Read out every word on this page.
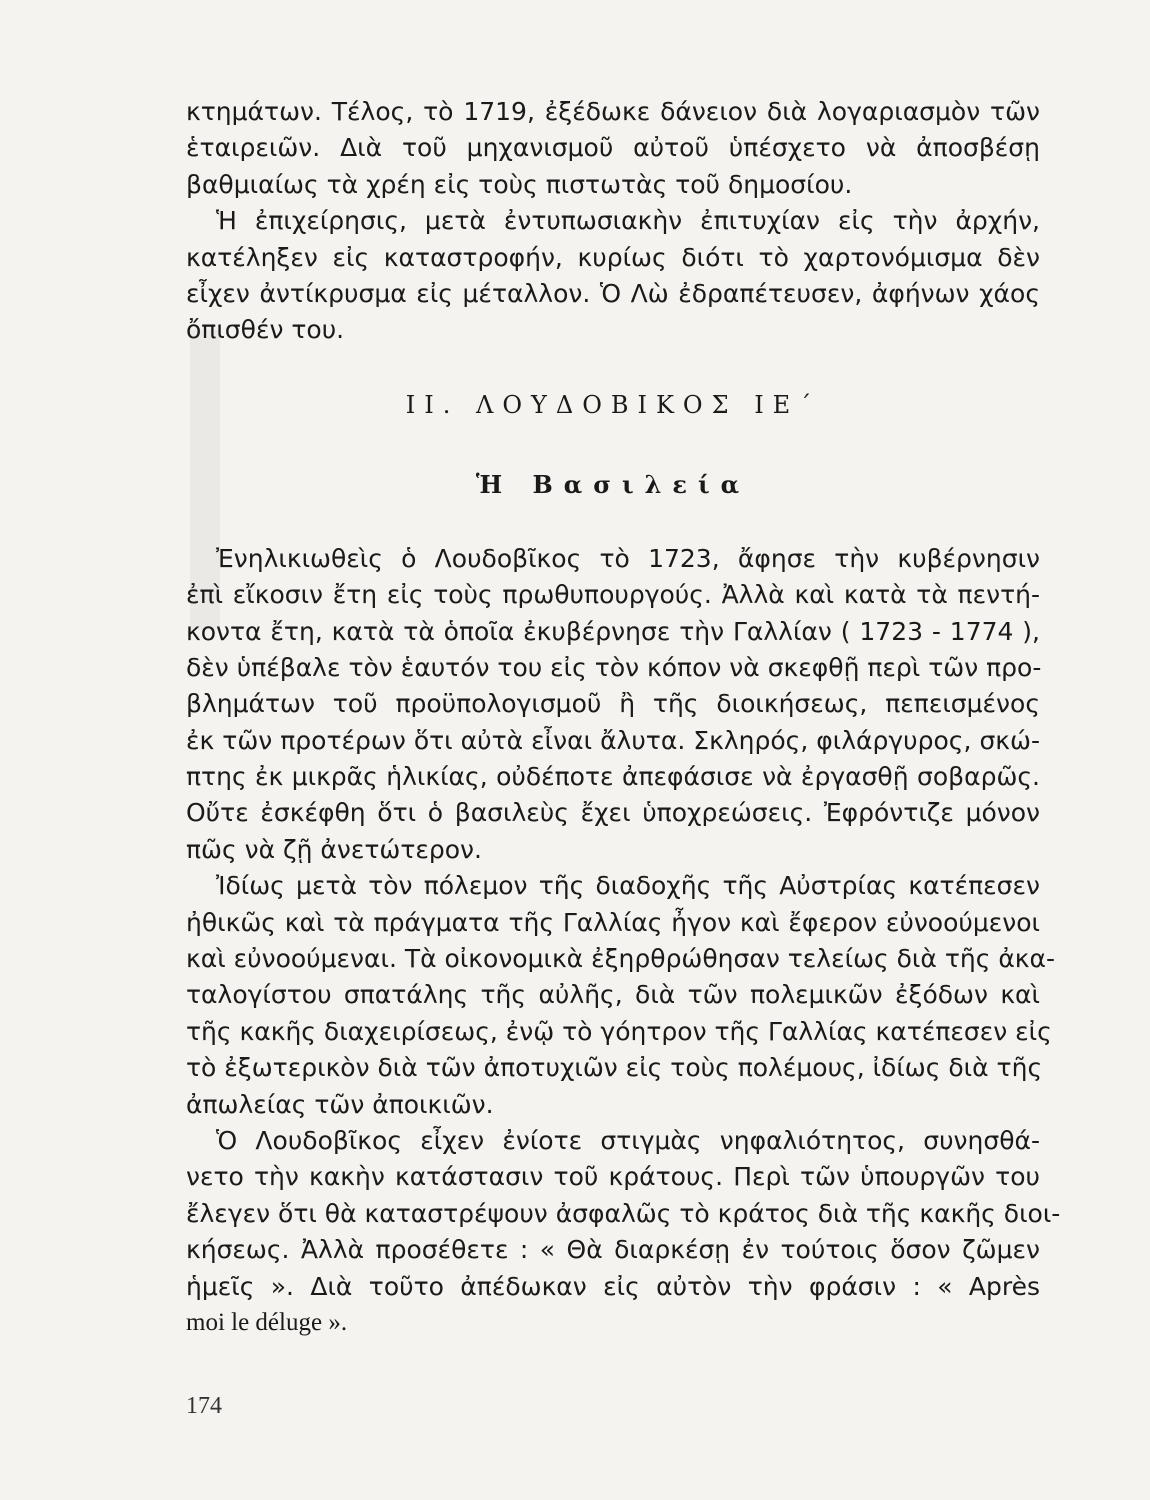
κτημάτων. Τέλος, τὸ 1719, ἐξέδωκε δάνειον διὰ λογαριασμὸν τῶν
ἑταιρειῶν. Διὰ τοῦ μηχανισμοῦ αὐτοῦ ὑπέσχετο νὰ ἀποσβέσῃ
βαθμιαίως τὰ χρέη εἰς τοὺς πιστωτὰς τοῦ δημοσίου.
Ἡ ἐπιχείρησις, μετὰ ἐντυπωσιακὴν ἐπιτυχίαν εἰς τὴν ἀρχήν,
κατέληξεν εἰς καταστροφήν, κυρίως διότι τὸ χαρτονόμισμα δὲν
εἶχεν ἀντίκρυσμα εἰς μέταλλον. Ὁ Λὼ ἐδραπέτευσεν, ἀφήνων χάος
ὄπισθέν του.
ΙΙ. ΛΟΥΔΟΒΙΚΟΣ ΙΕ΄
Ἡ Βασιλεία
Ἐνηλικιωθεὶς ὁ Λουδοβῖκος τὸ 1723, ἄφησε τὴν κυβέρνησιν
ἐπὶ εἴκοσιν ἔτη εἰς τοὺς πρωθυπουργούς. Ἀλλὰ καὶ κατὰ τὰ πεντή-
κοντα ἔτη, κατὰ τὰ ὁποῖα ἐκυβέρνησε τὴν Γαλλίαν ( 1723 - 1774 ),
δὲν ὑπέβαλε τὸν ἑαυτόν του εἰς τὸν κόπον νὰ σκεφθῇ περὶ τῶν προ-
βλημάτων τοῦ προϋπολογισμοῦ ἢ τῆς διοικήσεως, πεπεισμένος
ἐκ τῶν προτέρων ὅτι αὐτὰ εἶναι ἄλυτα. Σκληρός, φιλάργυρος, σκώ-
πτης ἐκ μικρᾶς ἡλικίας, οὐδέποτε ἀπεφάσισε νὰ ἐργασθῇ σοβαρῶς.
Οὔτε ἐσκέφθη ὅτι ὁ βασιλεὺς ἔχει ὑποχρεώσεις. Ἐφρόντιζε μόνον
πῶς νὰ ζῇ ἀνετώτερον.
Ἰδίως μετὰ τὸν πόλεμον τῆς διαδοχῆς τῆς Αὐστρίας κατέπεσεν
ἠθικῶς καὶ τὰ πράγματα τῆς Γαλλίας ἦγον καὶ ἔφερον εὐνοούμενοι
καὶ εὐνοούμεναι. Τὰ οἰκονομικὰ ἐξηρθρώθησαν τελείως διὰ τῆς ἀκα-
ταλογίστου σπατάλης τῆς αὐλῆς, διὰ τῶν πολεμικῶν ἐξόδων καὶ
τῆς κακῆς διαχειρίσεως, ἐνῷ τὸ γόητρον τῆς Γαλλίας κατέπεσεν εἰς
τὸ ἐξωτερικὸν διὰ τῶν ἀποτυχιῶν εἰς τοὺς πολέμους, ἰδίως διὰ τῆς
ἀπωλείας τῶν ἀποικιῶν.
Ὁ Λουδοβῖκος εἶχεν ἐνίοτε στιγμὰς νηφαλιότητος, συνησθά-
νετο τὴν κακὴν κατάστασιν τοῦ κράτους. Περὶ τῶν ὑπουργῶν του
ἔλεγεν ὅτι θὰ καταστρέψουν ἀσφαλῶς τὸ κράτος διὰ τῆς κακῆς διοι-
κήσεως. Ἀλλὰ προσέθετε : « Θὰ διαρκέσῃ ἐν τούτοις ὅσον ζῶμεν
ἡμεῖς ». Διὰ τοῦτο ἀπέδωκαν εἰς αὐτὸν τὴν φράσιν : « Après
moi le déluge ».
174
